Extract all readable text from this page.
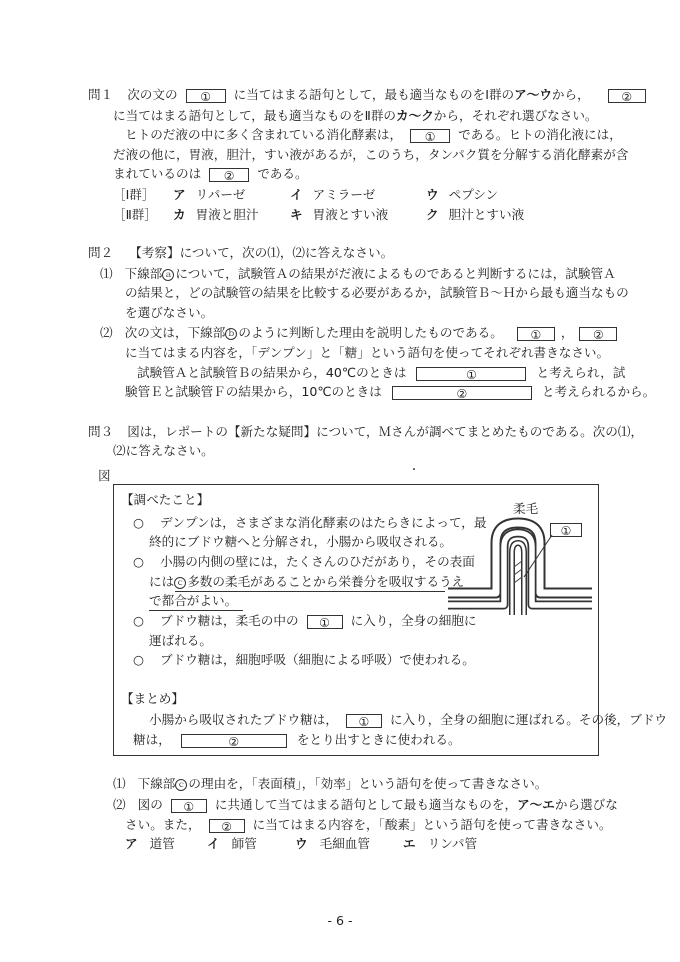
問１ 次の文の ① に当てはまる語句として，最も適当なものをⅠ群のア〜ウから，	②
に当てはまる語句として，最も適当なものをⅡ群のカ〜クから，それぞれ選びなさい。
ヒトのだ液の中に多く含まれている消化酵素は， ① である。ヒトの消化液には，
だ液の他に，胃液，胆汁，すい液があるが，このうち，タンパク質を分解する消化酵素が含
まれているのは ② である。
［Ⅰ群］ ア リパーゼ	イ アミラーゼ	ウ ペプシン
［Ⅱ群］ カ 胃液と胆汁 キ 胃液とすい液	ク 胆汁とすい液
問２ 【考察】について，次の⑴，⑵に答えなさい。
⑴ 下線部 ａ について，試験管Ａの結果がだ液によるものであると判断するには，試験管Ａ
の結果と，どの試験管の結果を比較する必要があるか，試験管Ｂ〜Ｈから最も適当なもの
を選びなさい。
⑵ 次の文は，下線部 ｂ のように判断した理由を説明したものである。 ① ， ②
に当てはまる内容を，「デンプン」と「糖」という語句を使ってそれぞれ書きなさい。
試験管Ａと試験管Ｂの結果から，40℃のときは	①	と考えられ，試
験管Ｅと試験管Ｆの結果から，10℃のときは	②	と考えられるから。
問３ 図は，レポートの【新たな疑問】について，Ｍさんが調べてまとめたものである。次の⑴，
⑵に答えなさい。
図	・
【調べたこと】
○ デンプンは，さまざまな消化酵素のはたらきによって，最
終的にブドウ糖へと分解され，小腸から吸収される。
○ 小腸の内側の壁には，たくさんのひだがあり，その表面
には ｃ 多数の柔毛があることから栄養分を吸収するうえ
で都合がよい。
○ ブドウ糖は，柔毛の中の ① に入り，全身の細胞に
運ばれる。
○ ブドウ糖は，細胞呼吸（細胞による呼吸）で使われる。
【まとめ】
小腸から吸収されたブドウ糖は， ① に入り，全身の細胞に運ばれる。その後，ブドウ
糖は，	②	をとり出すときに使われる。
柔毛
①
⑴ 下線部 ｃ の理由を，「表面積」，「効率」という語句を使って書きなさい。
⑵ 図の ① に共通して当てはまる語句として最も適当なものを，ア〜エから選びな
さい。また， ② に当てはまる内容を，「酸素」という語句を使って書きなさい。
ア 道管	イ 師管	ウ 毛細血管	エ リンパ管
- 6 -
